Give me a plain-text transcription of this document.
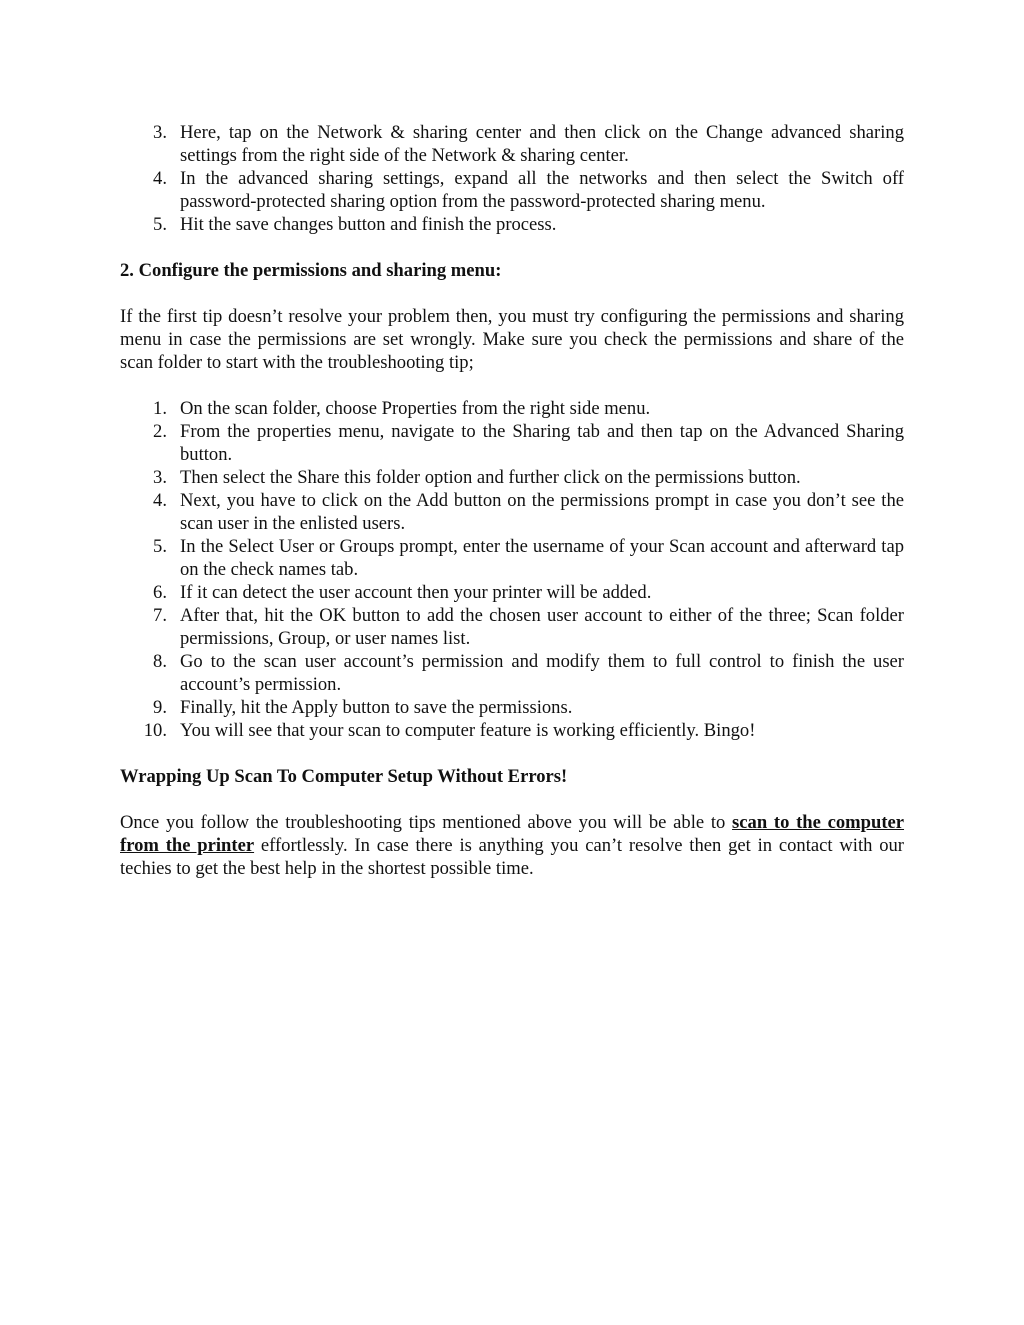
3. Here, tap on the Network & sharing center and then click on the Change advanced sharing settings from the right side of the Network & sharing center.
4. In the advanced sharing settings, expand all the networks and then select the Switch off password-protected sharing option from the password-protected sharing menu.
5. Hit the save changes button and finish the process.

2. Configure the permissions and sharing menu:

If the first tip doesn’t resolve your problem then, you must try configuring the permissions and sharing menu in case the permissions are set wrongly. Make sure you check the permissions and share of the scan folder to start with the troubleshooting tip;

1. On the scan folder, choose Properties from the right side menu.
2. From the properties menu, navigate to the Sharing tab and then tap on the Advanced Sharing button.
3. Then select the Share this folder option and further click on the permissions button.
4. Next, you have to click on the Add button on the permissions prompt in case you don’t see the scan user in the enlisted users.
5. In the Select User or Groups prompt, enter the username of your Scan account and afterward tap on the check names tab.
6. If it can detect the user account then your printer will be added.
7. After that, hit the OK button to add the chosen user account to either of the three; Scan folder permissions, Group, or user names list.
8. Go to the scan user account’s permission and modify them to full control to finish the user account’s permission.
9. Finally, hit the Apply button to save the permissions.
10. You will see that your scan to computer feature is working efficiently. Bingo!

Wrapping Up Scan To Computer Setup Without Errors!

Once you follow the troubleshooting tips mentioned above you will be able to scan to the computer from the printer effortlessly. In case there is anything you can’t resolve then get in contact with our techies to get the best help in the shortest possible time.
